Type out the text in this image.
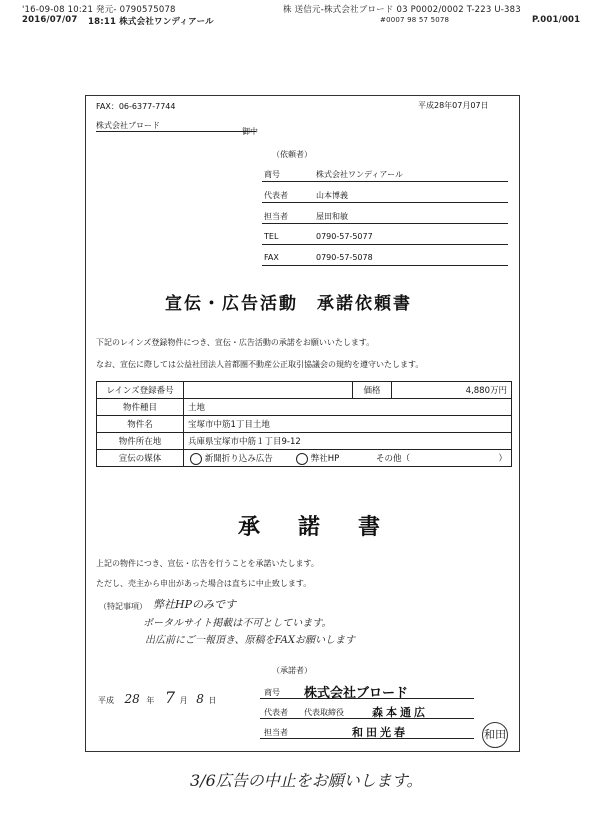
'16-09-08 10:21 発元- 0790575078	株 送信元-株式会社ブロード 03 P0002/0002 T-223 U-383
2016/07/07 18:11 株式会社ワンディアール	#0007 98 57 5078	P.001/001
FAX：06-6377-7744	平成28年07月07日
株式会社ブロード
御中
（依頼者）
商号	株式会社ワンディアール
代表者	山本博義
担当者	屋田和敏
TEL	0790-57-5077
FAX	0790-57-5078
宣伝・広告活動　承諾依頼書
下記のレインズ登録物件につき、宣伝・広告活動の承諾をお願いいたします。
なお、宣伝に際しては公益社団法人首都圏不動産公正取引協議会の規約を遵守いたします。
レインズ登録番号		価格	4,880万円
物件種目	土地		
物件名	宝塚市中筋1丁目土地		
物件所在地	兵庫県宝塚市中筋１丁目9-12		
宣伝の媒体	新聞折り込み広告 弊社HP その他（ ）		
承　諾　書
上記の物件につき、宣伝・広告を行うことを承諾いたします。
ただし、売主から申出があった場合は直ちに中止致します。
（特記事項） 弊社HPのみです
ポータルサイト掲載は不可としています。
出広前にご一報頂き、原稿をFAXお願いします
（承諾者）
平成 28 年 7 月 8 日
商号 株式会社ブロード
代表者 代表取締役	森本通広
担当者	和田光春	和田
3/6広告の中止をお願いします。
